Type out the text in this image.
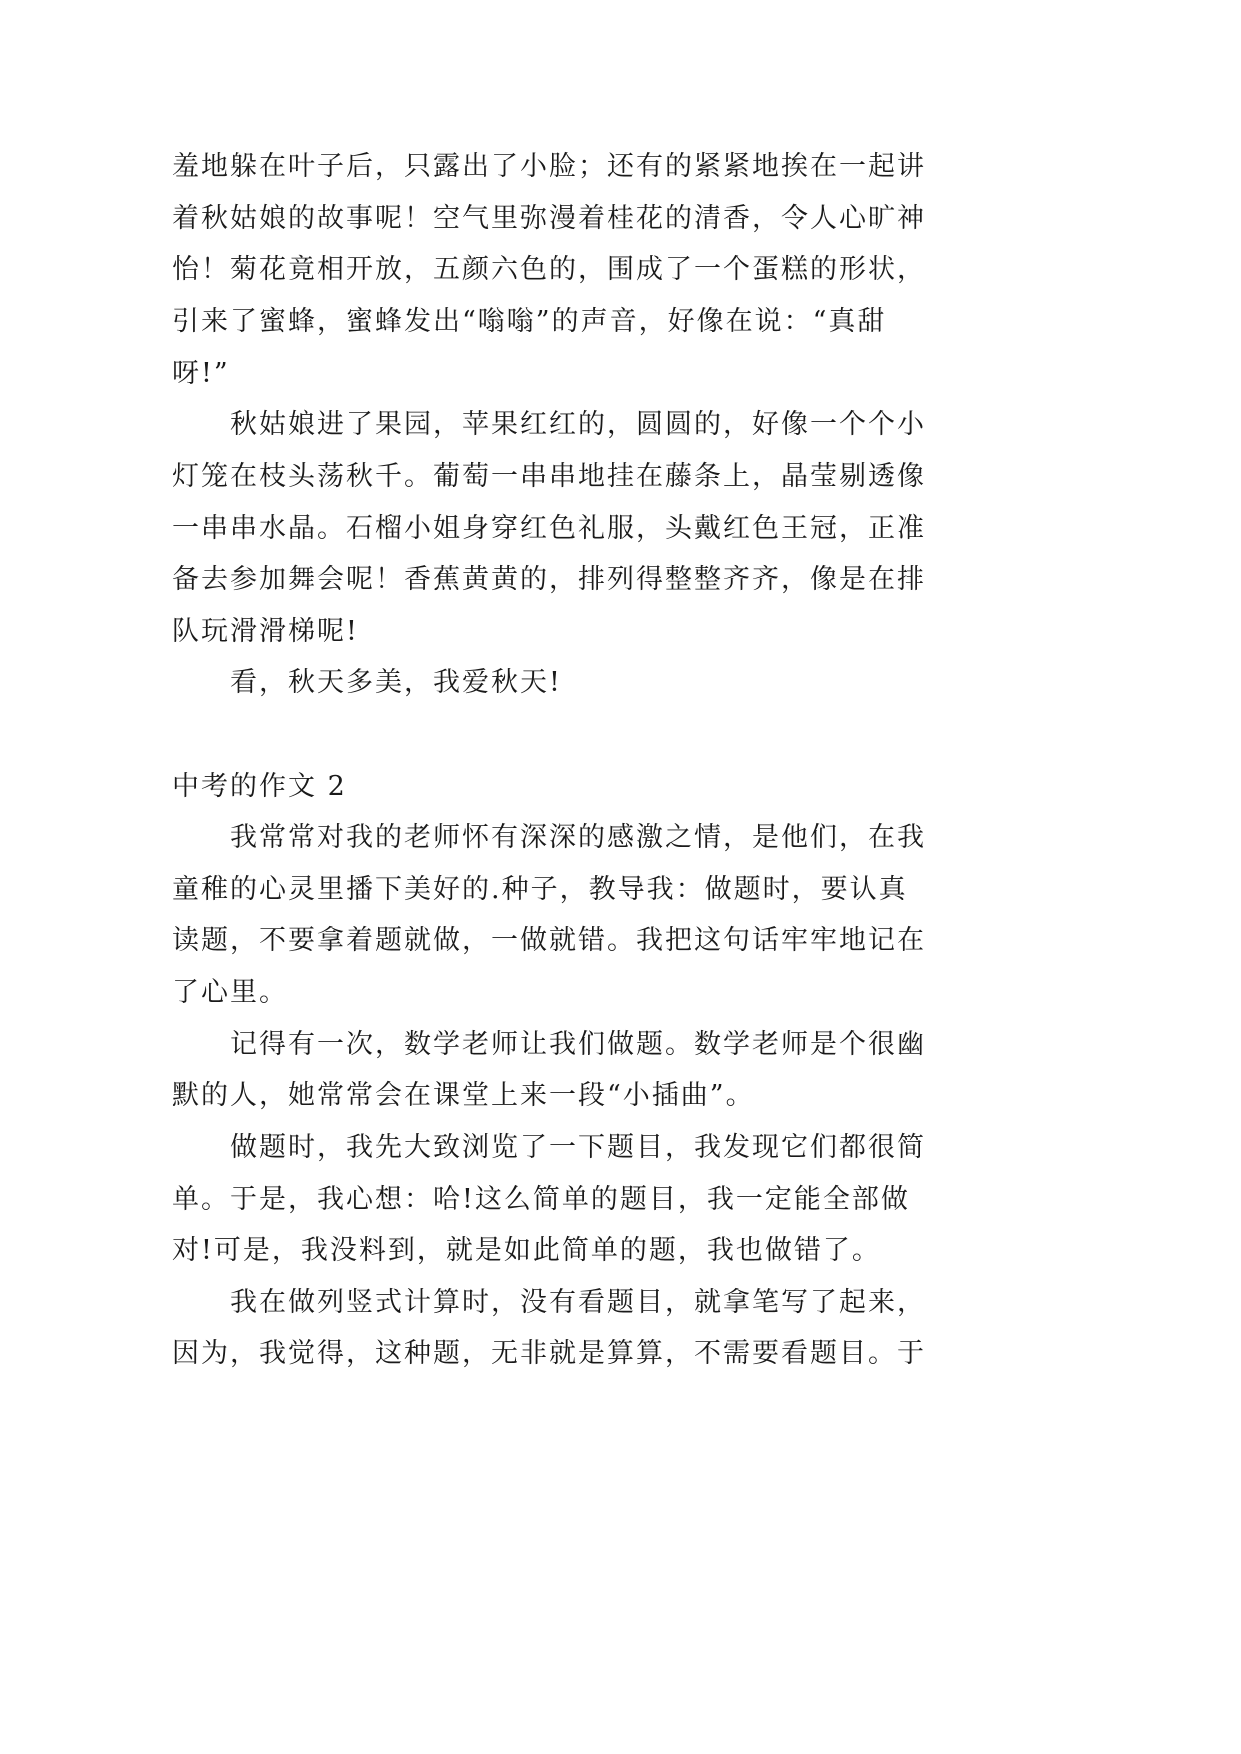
羞地躲在叶子后，只露出了小脸；还有的紧紧地挨在一起讲
着秋姑娘的故事呢！空气里弥漫着桂花的清香，令人心旷神
怡！菊花竟相开放，五颜六色的，围成了一个蛋糕的形状，
引来了蜜蜂，蜜蜂发出“嗡嗡”的声音，好像在说：“真甜
呀!”
　　秋姑娘进了果园，苹果红红的，圆圆的，好像一个个小
灯笼在枝头荡秋千。葡萄一串串地挂在藤条上，晶莹剔透像
一串串水晶。石榴小姐身穿红色礼服，头戴红色王冠，正准
备去参加舞会呢！香蕉黄黄的，排列得整整齐齐，像是在排
队玩滑滑梯呢!
　　看，秋天多美，我爱秋天!
中考的作文 2
　　我常常对我的老师怀有深深的感激之情，是他们，在我
童稚的心灵里播下美好的.种子，教导我：做题时，要认真
读题，不要拿着题就做，一做就错。我把这句话牢牢地记在
了心里。
　　记得有一次，数学老师让我们做题。数学老师是个很幽
默的人，她常常会在课堂上来一段“小插曲”。
　　做题时，我先大致浏览了一下题目，我发现它们都很简
单。于是，我心想：哈!这么简单的题目，我一定能全部做
对!可是，我没料到，就是如此简单的题，我也做错了。
　　我在做列竖式计算时，没有看题目，就拿笔写了起来，
因为，我觉得，这种题，无非就是算算，不需要看题目。于
